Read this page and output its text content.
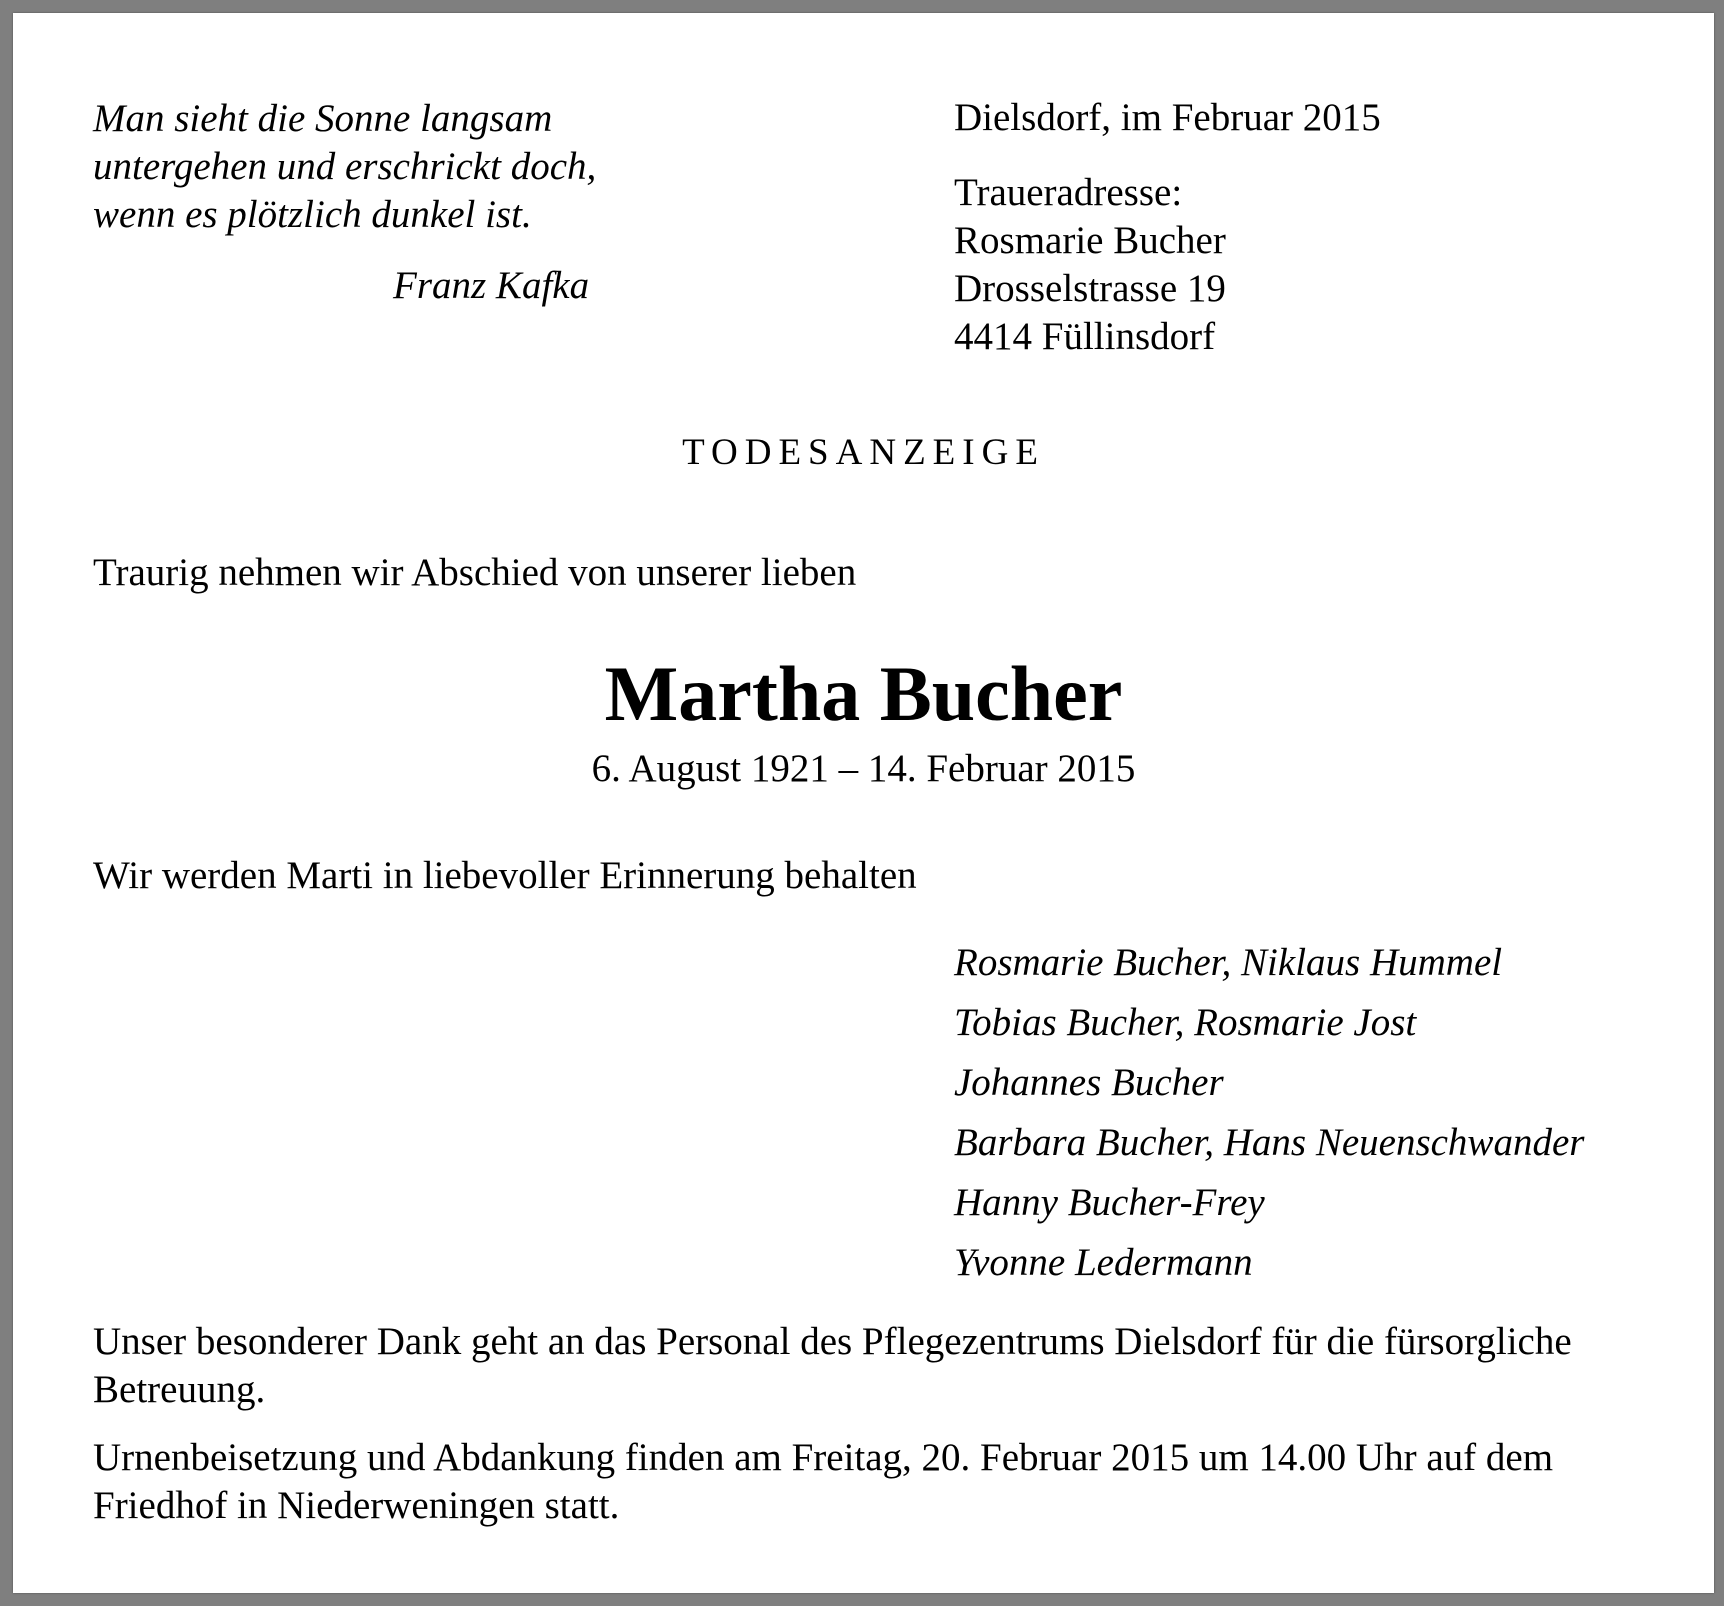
Man sieht die Sonne langsam
untergehen und erschrickt doch,
wenn es plötzlich dunkel ist.
Franz Kafka
Dielsdorf, im Februar 2015
Traueradresse:
Rosmarie Bucher
Drosselstrasse 19
4414 Füllinsdorf
TODESANZEIGE
Traurig nehmen wir Abschied von unserer lieben
Martha Bucher
6. August 1921 – 14. Februar 2015
Wir werden Marti in liebevoller Erinnerung behalten
Rosmarie Bucher, Niklaus Hummel
Tobias Bucher, Rosmarie Jost
Johannes Bucher
Barbara Bucher, Hans Neuenschwander
Hanny Bucher-Frey
Yvonne Ledermann
Unser besonderer Dank geht an das Personal des Pflegezentrums Dielsdorf für die fürsorgliche Betreuung.
Urnenbeisetzung und Abdankung finden am Freitag, 20. Februar 2015 um 14.00 Uhr auf dem Friedhof in Niederweningen statt.
